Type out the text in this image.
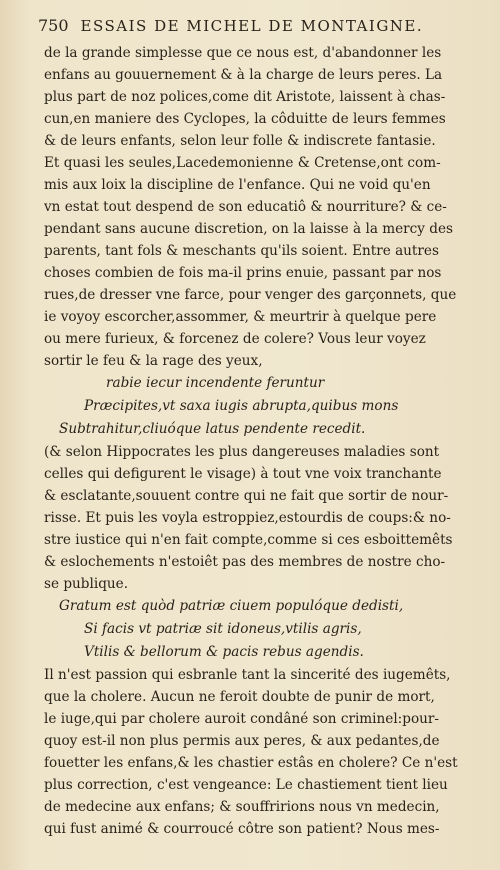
750 ESSAIS DE MICHEL DE MONTAIGNE.
de la grande simplesse que ce nous est, d'abandonner les
enfans au gouuernement & à la charge de leurs peres. La
plus part de noz polices,come dit Aristote, laissent à chas-
cun,en maniere des Cyclopes, la côduitte de leurs femmes
& de leurs enfants, selon leur folle & indiscrete fantasie.
Et quasi les seules,Lacedemonienne & Cretense,ont com-
mis aux loix la discipline de l'enfance. Qui ne void qu'en
vn estat tout despend de son educatiô & nourriture? & ce-
pendant sans aucune discretion, on la laisse à la mercy des
parents, tant fols & meschants qu'ils soient. Entre autres
choses combien de fois ma-il prins enuie, passant par nos
rues,de dresser vne farce, pour venger des garçonnets, que
ie voyoy escorcher,assommer, & meurtrir à quelque pere
ou mere furieux, & forcenez de colere? Vous leur voyez
sortir le feu & la rage des yeux,
rabie iecur incendente feruntur
Præcipites,vt saxa iugis abrupta,quibus mons
Subtrahitur,cliuóque latus pendente recedit.
(& selon Hippocrates les plus dangereuses maladies sont
celles qui defigurent le visage) à tout vne voix tranchante
& esclatante,souuent contre qui ne fait que sortir de nour-
risse. Et puis les voyla estroppiez,estourdis de coups:& no-
stre iustice qui n'en fait compte,comme si ces esboittemêts
& eslochements n'estoiêt pas des membres de nostre cho-
se publique.
Gratum est quòd patriæ ciuem populóque dedisti,
Si facis vt patriæ sit idoneus,vtilis agris,
Vtilis & bellorum & pacis rebus agendis.
Il n'est passion qui esbranle tant la sincerité des iugemêts,
que la cholere. Aucun ne feroit doubte de punir de mort,
le iuge,qui par cholere auroit condâné son criminel:pour-
quoy est-il non plus permis aux peres, & aux pedantes,de
fouetter les enfans,& les chastier estâs en cholere? Ce n'est
plus correction, c'est vengeance: Le chastiement tient lieu
de medecine aux enfans; & souffririons nous vn medecin,
qui fust animé & courroucé côtre son patient? Nous mes-
